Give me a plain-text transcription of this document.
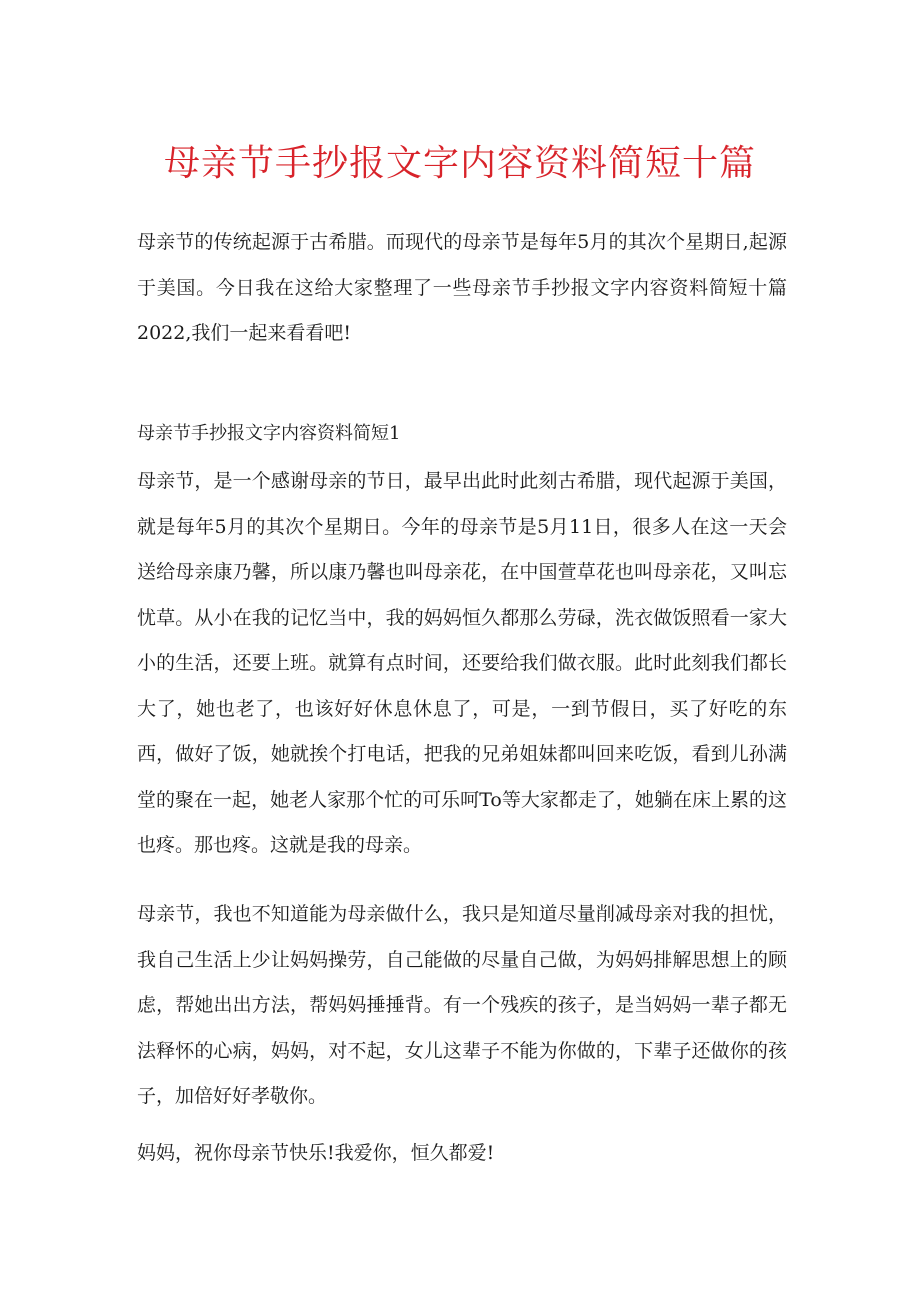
母亲节手抄报文字内容资料简短十篇

母亲节的传统起源于古希腊。而现代的母亲节是每年5月的其次个星期日,起源于美国。今日我在这给大家整理了一些母亲节手抄报文字内容资料简短十篇2022,我们一起来看看吧!

母亲节手抄报文字内容资料简短1

母亲节，是一个感谢母亲的节日，最早出此时此刻古希腊，现代起源于美国，就是每年5月的其次个星期日。今年的母亲节是5月11日，很多人在这一天会送给母亲康乃馨，所以康乃馨也叫母亲花，在中国萱草花也叫母亲花，又叫忘忧草。从小在我的记忆当中，我的妈妈恒久都那么劳碌，洗衣做饭照看一家大小的生活，还要上班。就算有点时间，还要给我们做衣服。此时此刻我们都长大了，她也老了，也该好好休息休息了，可是，一到节假日，买了好吃的东西，做好了饭，她就挨个打电话，把我的兄弟姐妹都叫回来吃饭，看到儿孙满堂的聚在一起，她老人家那个忙的可乐呵To等大家都走了，她躺在床上累的这也疼。那也疼。这就是我的母亲。

母亲节，我也不知道能为母亲做什么，我只是知道尽量削减母亲对我的担忧，我自己生活上少让妈妈操劳，自己能做的尽量自己做，为妈妈排解思想上的顾虑，帮她出出方法，帮妈妈捶捶背。有一个残疾的孩子，是当妈妈一辈子都无法释怀的心病，妈妈，对不起，女儿这辈子不能为你做的，下辈子还做你的孩子，加倍好好孝敬你。

妈妈，祝你母亲节快乐!我爱你，恒久都爱!
